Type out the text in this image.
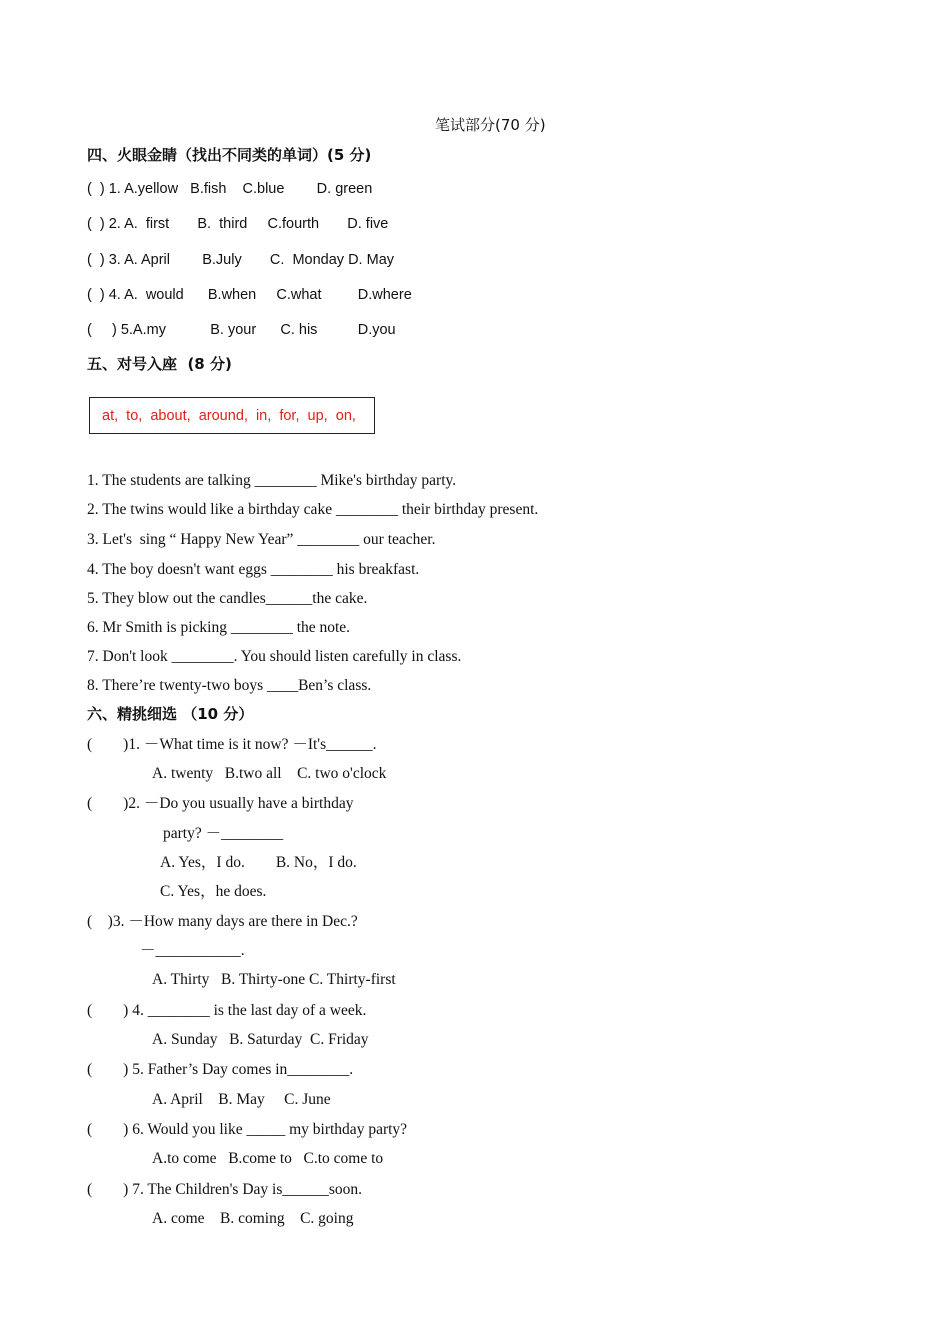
笔试部分(70 分)
四、火眼金睛（找出不同类的单词）(5 分)
(  ) 1. A.yellow   B.fish    C.blue        D. green
(  ) 2. A.  first       B.  third     C.fourth       D. five
(  ) 3. A. April        B.July       C.  Monday D. May
(  ) 4. A.  would      B.when     C.what         D.where
(     ) 5.A.my           B. your      C. his          D.you
五、对号入座  (8 分)
at,  to,  about,  around,  in,  for,  up,  on,
1. The students are talking ________ Mike's birthday party.
2. The twins would like a birthday cake ________ their birthday present.
3. Let's  sing “ Happy New Year” ________ our teacher.
4. The boy doesn't want eggs ________ his breakfast.
5. They blow out the candles______the cake.
6. Mr Smith is picking ________ the note.
7. Don't look ________. You should listen carefully in class.
8. There’re twenty-two boys ____Ben’s class.
六、精挑细选 （10 分）
(        )1. －What time is it now? －It's______.
A. twenty   B.two all    C. two o'clock
(        )2. －Do you usually have a birthday
party? －________
A. Yes，I do.        B. No，I do.
C. Yes，he does.
(    )3. －How many days are there in Dec.?
－___________.
A. Thirty   B. Thirty-one C. Thirty-first
(        ) 4. ________ is the last day of a week.
A. Sunday   B. Saturday  C. Friday
(        ) 5. Father’s Day comes in________.
A. April    B. May     C. June
(        ) 6. Would you like _____ my birthday party?
A.to come   B.come to   C.to come to
(        ) 7. The Children's Day is______soon.
A. come    B. coming    C. going
